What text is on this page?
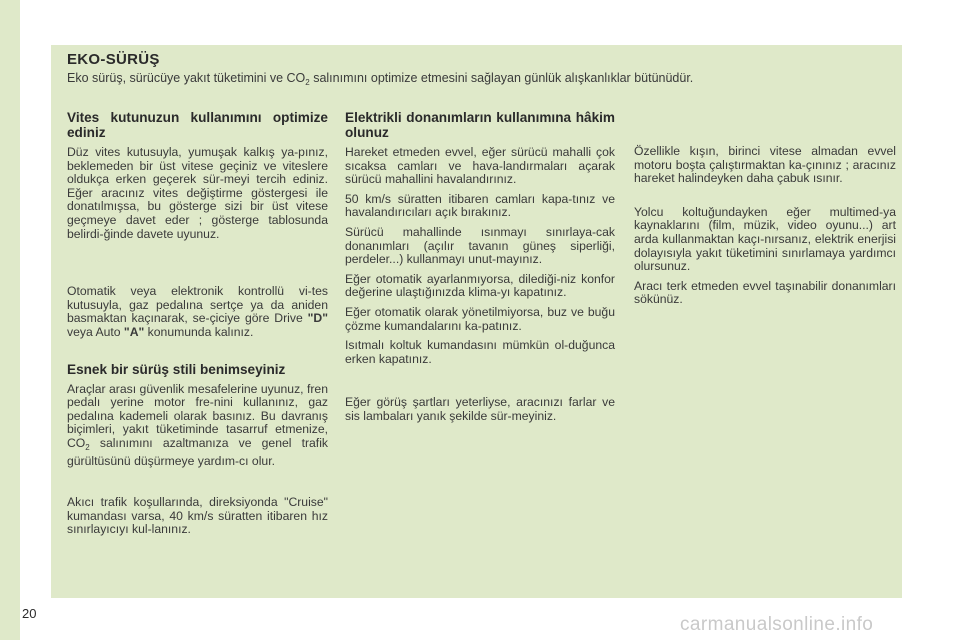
EKO-SÜRÜŞ
Eko sürüş, sürücüye yakıt tüketimini ve $CO_2$ salınımını optimize etmesini sağlayan günlük alışkanlıklar bütünüdür.
Vites kutunuzun kullanımını optimize ediniz

Düz vites kutusuyla, yumuşak kalkış ya-pınız, beklemeden bir üst vitese geçiniz ve viteslere oldukça erken geçerek sür-meyi tercih ediniz. Eğer aracınız vites değiştirme göstergesi ile donatılmışsa, bu gösterge sizi bir üst vitese geçmeye davet eder ; gösterge tablosunda belirdi-ğinde davete uyunuz.

Otomatik veya elektronik kontrollü vi-tes kutusuyla, gaz pedalına sertçe ya da aniden basmaktan kaçınarak, se-çiciye göre Drive "D" veya Auto "A" konumunda kalınız.

Esnek bir sürüş stili benimseyiniz

Araçlar arası güvenlik mesafelerine uyunuz, fren pedalı yerine motor fre-nini kullanınız, gaz pedalına kademeli olarak basınız. Bu davranış biçimleri, yakıt tüketiminde tasarruf etmenize, $CO_2$ salınımını azaltmanıza ve genel trafik gürültüsünü düşürmeye yardım-cı olur.

Akıcı trafik koşullarında, direksiyonda "Cruise" kumandası varsa, 40 km/s süratten itibaren hız sınırlayıcıyı kul-lanınız.

Elektrikli donanımların kullanımına hâkim olunuz

Hareket etmeden evvel, eğer sürücü mahalli çok sıcaksa camları ve hava-landırmaları açarak sürücü mahallini havalandırınız.

50 km/s süratten itibaren camları kapa-tınız ve havalandırıcıları açık bırakınız.

Sürücü mahallinde ısınmayı sınırlaya-cak donanımları (açılır tavanın güneş siperliği, perdeler...) kullanmayı unut-mayınız.

Eğer otomatik ayarlanmıyorsa, dilediği-niz konfor değerine ulaştığınızda klima-yı kapatınız.

Eğer otomatik olarak yönetilmiyorsa, buz ve buğu çözme kumandalarını ka-patınız.

Isıtmalı koltuk kumandasını mümkün ol-duğunca erken kapatınız.

Eğer görüş şartları yeterliyse, aracınızı farlar ve sis lambaları yanık şekilde sür-meyiniz.

Özellikle kışın, birinci vitese almadan evvel motoru boşta çalıştırmaktan ka-çınınız ; aracınız hareket halindeyken daha çabuk ısınır.

Yolcu koltuğundayken eğer multimed-ya kaynaklarını (film, müzik, video oyunu...) art arda kullanmaktan kaçı-nırsanız, elektrik enerjisi dolayısıyla yakıt tüketimini sınırlamaya yardımcı olursunuz.

Aracı terk etmeden evvel taşınabilir donanımları sökünüz.

20
carmanualsonline.info
